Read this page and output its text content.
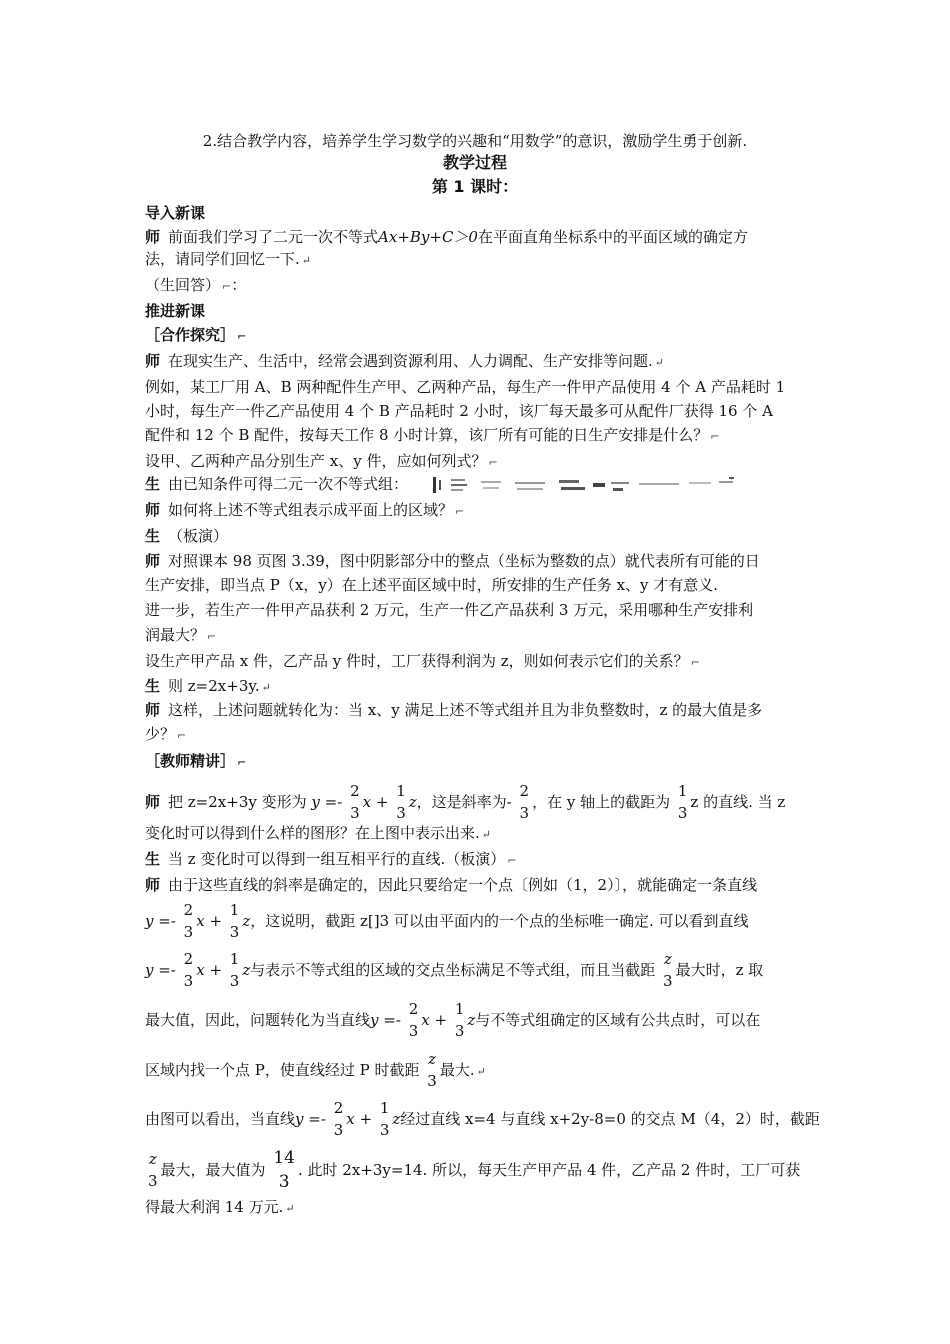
2.结合教学内容，培养学生学习数学的兴趣和“用数学”的意识，激励学生勇于创新.
教学过程
第 1 课时：
导入新课
师 前面我们学习了二元一次不等式Ax+By+C＞0在平面直角坐标系中的平面区域的确定方
法，请同学们回忆一下. ↵
（生回答） ⌐：
推进新课
［合作探究］ ⌐
师 在现实生产、生活中，经常会遇到资源利用、人力调配、生产安排等问题. ↵
例如，某工厂用 A、B 两种配件生产甲、乙两种产品，每生产一件甲产品使用 4 个 A 产品耗时 1
小时，每生产一件乙产品使用 4 个 B 产品耗时 2 小时，该厂每天最多可从配件厂获得 16 个 A
配件和 12 个 B 配件，按每天工作 8 小时计算，该厂所有可能的日生产安排是什么？ ⌐
设甲、乙两种产品分别生产 x、y 件，应如何列式？ ⌐
生 由已知条件可得二元一次不等式组：
师 如何将上述不等式组表示成平面上的区域？ ⌐
生 （板演）
师 对照课本 98 页图 3.39，图中阴影部分中的整点（坐标为整数的点）就代表所有可能的日
生产安排，即当点 P（x，y）在上述平面区域中时，所安排的生产任务 x、y 才有意义.
进一步，若生产一件甲产品获利 2 万元，生产一件乙产品获利 3 万元，采用哪种生产安排利
润最大？ ⌐
设生产甲产品 x 件，乙产品 y 件时，工厂获得利润为 z，则如何表示它们的关系？ ⌐
生 则 z=2x+3y. ↵
师 这样，上述问题就转化为：当 x、y 满足上述不等式组并且为非负整数时，z 的最大值是多
少？ ⌐
［教师精讲］ ⌐
师 把 z=2x+3y 变形为 y =-
2
3
x +
1
3
z，这是斜率为-
2
3
，在 y 轴上的截距为
1
3
z 的直线. 当 z
变化时可以得到什么样的图形？在上图中表示出来. ↵
生 当 z 变化时可以得到一组互相平行的直线.（板演） ⌐
师 由于这些直线的斜率是确定的，因此只要给定一个点〔例如（1，2）〕，就能确定一条直线
y =-
2
3
x +
1
3
z，这说明，截距 z[]3 可以由平面内的一个点的坐标唯一确定. 可以看到直线
y =-
2
3
x +
1
3
z与表示不等式组的区域的交点坐标满足不等式组，而且当截距
z
3
最大时，z 取
最大值，因此，问题转化为当直线y =-
2
3
x +
1
3
z与不等式组确定的区域有公共点时，可以在
区域内找一个点 P，使直线经过 P 时截距
z
3
最大. ↵
由图可以看出，当直线y =-
2
3
x +
1
3
z经过直线 x=4 与直线 x+2y-8=0 的交点 M（4，2）时，截距
z
3
最大，最大值为
14
3
. 此时 2x+3y=14. 所以，每天生产甲产品 4 件，乙产品 2 件时，工厂可获
得最大利润 14 万元. ↵
